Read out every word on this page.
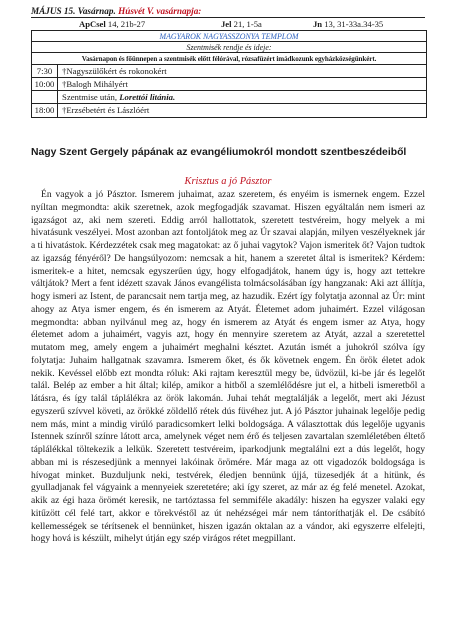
MÁJUS 15. Vasárnap. Húsvét V. vasárnapja:
ApCsel 14, 21b-27	Jel 21, 1-5a	Jn 13, 31-33a.34-35
MAGYAROK NAGYASSZONYA TEMPLOM
Szentmisék rendje és ideje:
Vasárnapon és főünnepen a szentmisék előtt félórával, rózsafüzért imádkozunk egyházközségünkért.
7:30	†Nagyszülőkért és rokonokért
10:00 †Balogh Mihályért
Szentmise után, Lorettói litánia.
18:00 †Erzsébetért és Lászlóért
Nagy Szent Gergely pápának az evangéliumokról mondott szentbeszédeiből
Krisztus a jó Pásztor
Én vagyok a jó Pásztor. Ismerem juhaimat, azaz szeretem, és enyéim is ismernek engem. Ezzel nyíltan megmondta: akik szeretnek, azok megfogadják szavamat. Hiszen egyáltalán nem ismeri az igazságot az, aki nem szereti. Eddig arról hallottatok, szeretett testvéreim, hogy melyek a mi hivatásunk veszélyei. Most azonban azt fontoljátok meg az Úr szavai alapján, milyen veszélyeknek jár a ti hivatástok. Kérdezzétek csak meg magatokat: az ő juhai vagytok? Vajon ismeritek őt? Vajon tudtok az igazság fényéről? De hangsúlyozom: nemcsak a hit, hanem a szeretet által is ismeritek? Kérdem: ismeritek-e a hitet, nemcsak egyszerűen úgy, hogy elfogadjátok, hanem úgy is, hogy azt tettekre váltjátok? Mert a fent idézett szavak János evangélista tolmácsolásában így hangzanak: Aki azt állítja, hogy ismeri az Istent, de parancsait nem tartja meg, az hazudik. Ezért így folytatja azonnal az Úr: mint ahogy az Atya ismer engem, és én ismerem az Atyát. Életemet adom juhaimért. Ezzel világosan megmondta: abban nyilvánul meg az, hogy én ismerem az Atyát és engem ismer az Atya, hogy életemet adom a juhaimért, vagyis azt, hogy én mennyire szeretem az Atyát, azzal a szeretettel mutatom meg, amely engem a juhaimért meghalni késztet. Azután ismét a juhokról szólva így folytatja: Juhaim hallgatnak szavamra. Ismerem őket, és ők követnek engem. Én örök életet adok nekik. Kevéssel előbb ezt mondta róluk: Aki rajtam keresztül megy be, üdvözül, ki-be jár és legelőt talál. Belép az ember a hit által; kilép, amikor a hitből a szemlélődésre jut el, a hitbeli ismeretből a látásra, és így talál táplálékra az örök lakomán. Juhai tehát megtalálják a legelőt, mert aki Jézust egyszerű szívvel követi, az örökké zöldellő rétek dús füvéhez jut. A jó Pásztor juhainak legelője pedig nem más, mint a mindig virúló paradicsomkert lelki boldogsága. A választottak dús legelője ugyanis Istennek színről színre látott arca, amelynek véget nem érő és teljesen zavartalan szemléletében éltető táplálékkal töltekezik a lelkük. Szeretett testvéreim, iparkodjunk megtalálni ezt a dús legelőt, hogy abban mi is részesedjünk a mennyei lakóinak örömére. Már maga az ott vigadozók boldogsága is hívogat minket. Buzduljunk neki, testvérek, éledjen bennünk újjá, tüzesedjék át a hitünk, és gyulladjanak fel vágyaink a mennyeiek szeretetére; aki így szeret, az már az ég felé menetel. Azokat, akik az égi haza örömét keresik, ne tartóztassa fel semmiféle akadály: hiszen ha egyszer valaki egy kitűzött cél felé tart, akkor e törekvéstől az út nehézségei már nem tántoríthatják el. De csábító kellemességek se térítsenek el bennünket, hiszen igazán oktalan az a vándor, aki egyszerre elfelejti, hogy hová is készült, mihelyt útján egy szép virágos rétet megpillant.
